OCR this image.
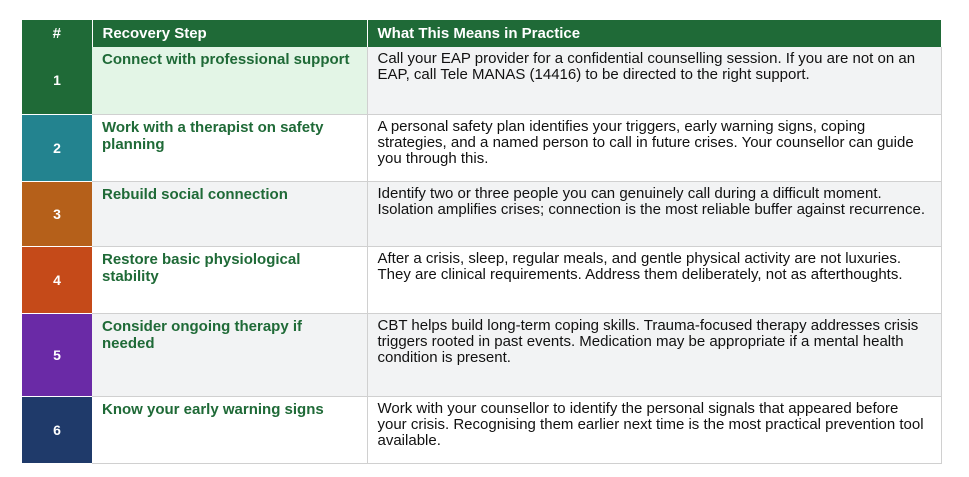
#	Recovery Step	What This Means in Practice
1	Connect with professional support	Call your EAP provider for a confidential counselling session. If you are not on an EAP, call Tele MANAS (14416) to be directed to the right support.
2	Work with a therapist on safety planning	A personal safety plan identifies your triggers, early warning signs, coping strategies, and a named person to call in future crises. Your counsellor can guide you through this.
3	Rebuild social connection	Identify two or three people you can genuinely call during a difficult moment. Isolation amplifies crises; connection is the most reliable buffer against recurrence.
4	Restore basic physiological stability	After a crisis, sleep, regular meals, and gentle physical activity are not luxuries. They are clinical requirements. Address them deliberately, not as afterthoughts.
5	Consider ongoing therapy if needed	CBT helps build long-term coping skills. Trauma-focused therapy addresses crisis triggers rooted in past events. Medication may be appropriate if a mental health condition is present.
6	Know your early warning signs	Work with your counsellor to identify the personal signals that appeared before your crisis. Recognising them earlier next time is the most practical prevention tool available.
